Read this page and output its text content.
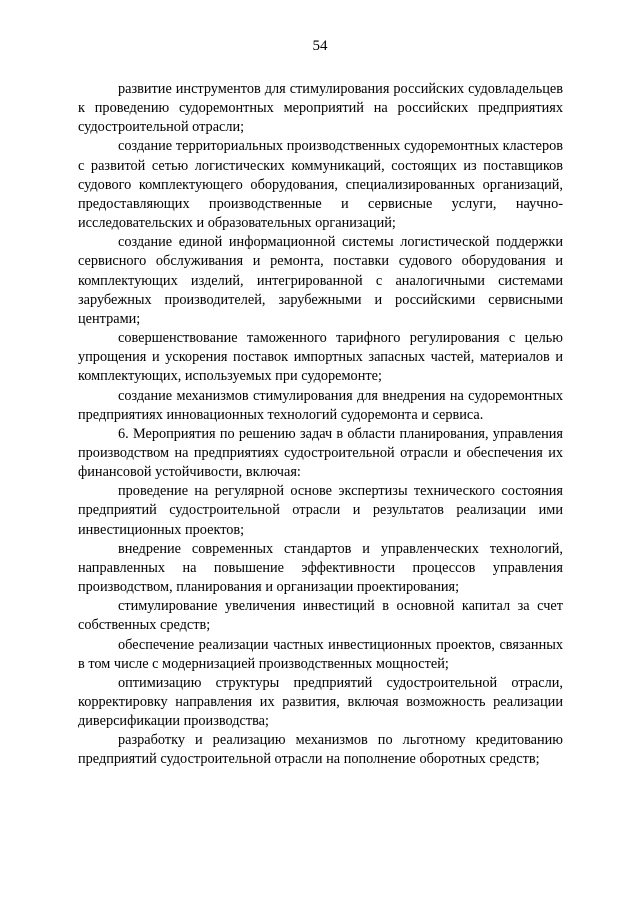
54

развитие инструментов для стимулирования российских судовладельцев к проведению судоремонтных мероприятий на российских предприятиях судостроительной отрасли;

создание территориальных производственных судоремонтных кластеров с развитой сетью логистических коммуникаций, состоящих из поставщиков судового комплектующего оборудования, специализированных организаций, предоставляющих производственные и сервисные услуги, научно-исследовательских и образовательных организаций;

создание единой информационной системы логистической поддержки сервисного обслуживания и ремонта, поставки судового оборудования и комплектующих изделий, интегрированной с аналогичными системами зарубежных производителей, зарубежными и российскими сервисными центрами;

совершенствование таможенного тарифного регулирования с целью упрощения и ускорения поставок импортных запасных частей, материалов и комплектующих, используемых при судоремонте;

создание механизмов стимулирования для внедрения на судоремонтных предприятиях инновационных технологий судоремонта и сервиса.

6. Мероприятия по решению задач в области планирования, управления производством на предприятиях судостроительной отрасли и обеспечения их финансовой устойчивости, включая:

проведение на регулярной основе экспертизы технического состояния предприятий судостроительной отрасли и результатов реализации ими инвестиционных проектов;

внедрение современных стандартов и управленческих технологий, направленных на повышение эффективности процессов управления производством, планирования и организации проектирования;

стимулирование увеличения инвестиций в основной капитал за счет собственных средств;

обеспечение реализации частных инвестиционных проектов, связанных в том числе с модернизацией производственных мощностей;

оптимизацию структуры предприятий судостроительной отрасли, корректировку направления их развития, включая возможность реализации диверсификации производства;

разработку и реализацию механизмов по льготному кредитованию предприятий судостроительной отрасли на пополнение оборотных средств;
